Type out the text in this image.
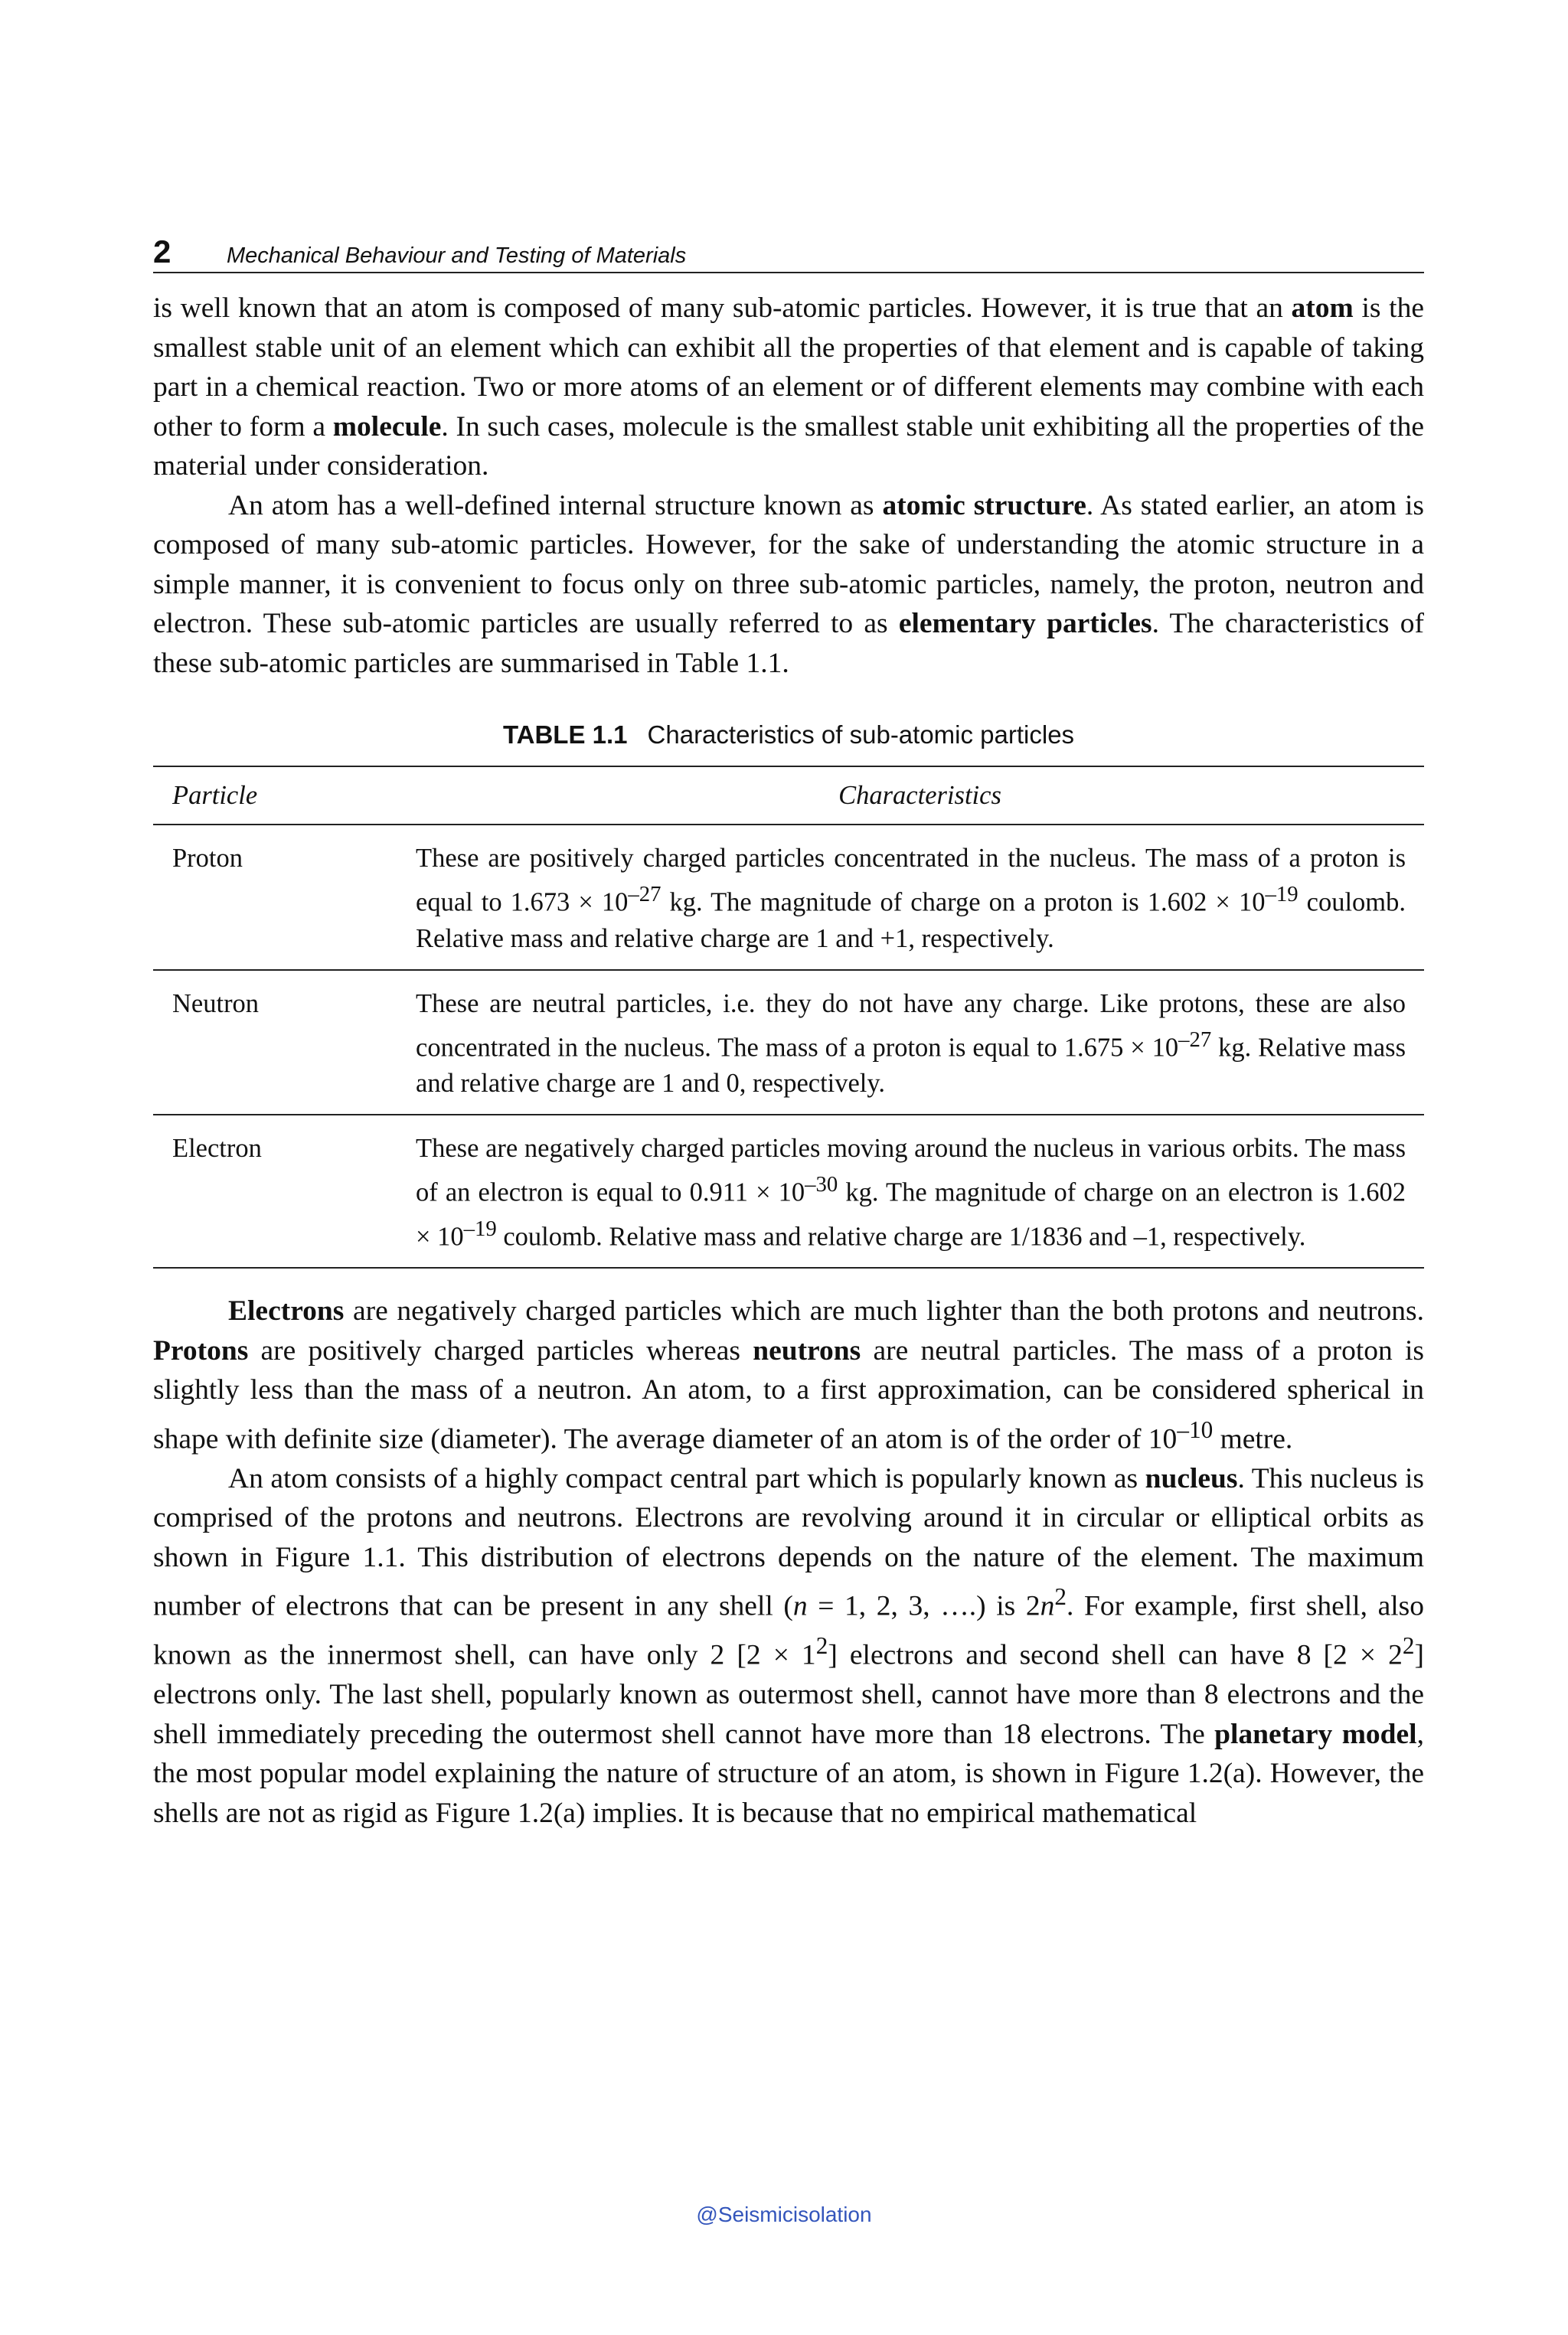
2	Mechanical Behaviour and Testing of Materials

is well known that an atom is composed of many sub-atomic particles. However, it is true that an atom is the smallest stable unit of an element which can exhibit all the properties of that element and is capable of taking part in a chemical reaction. Two or more atoms of an element or of different elements may combine with each other to form a molecule. In such cases, molecule is the smallest stable unit exhibiting all the properties of the material under consideration.

An atom has a well-defined internal structure known as atomic structure. As stated earlier, an atom is composed of many sub-atomic particles. However, for the sake of understanding the atomic structure in a simple manner, it is convenient to focus only on three sub-atomic particles, namely, the proton, neutron and electron. These sub-atomic particles are usually referred to as elementary particles. The characteristics of these sub-atomic particles are summarised in Table 1.1.

TABLE 1.1 Characteristics of sub-atomic particles
Particle	Characteristics
Proton	These are positively charged particles concentrated in the nucleus. The mass of a proton is equal to $1.673 \times 10^{-27}$ kg. The magnitude of charge on a proton is $1.602 \times 10^{-19}$ coulomb. Relative mass and relative charge are 1 and +1, respectively.
Neutron	These are neutral particles, i.e. they do not have any charge. Like protons, these are also concentrated in the nucleus. The mass of a proton is equal to $1.675 \times 10^{-27}$ kg. Relative mass and relative charge are 1 and 0, respectively.
Electron	These are negatively charged particles moving around the nucleus in various orbits. The mass of an electron is equal to $0.911 \times 10^{-30}$ kg. The magnitude of charge on an electron is $1.602 \times 10^{-19}$ coulomb. Relative mass and relative charge are 1/1836 and –1, respectively.

Electrons are negatively charged particles which are much lighter than the both protons and neutrons. Protons are positively charged particles whereas neutrons are neutral particles. The mass of a proton is slightly less than the mass of a neutron. An atom, to a first approximation, can be considered spherical in shape with definite size (diameter). The average diameter of an atom is of the order of $10^{-10}$ metre.

An atom consists of a highly compact central part which is popularly known as nucleus. This nucleus is comprised of the protons and neutrons. Electrons are revolving around it in circular or elliptical orbits as shown in Figure 1.1. This distribution of electrons depends on the nature of the element. The maximum number of electrons that can be present in any shell (n = 1, 2, 3, ….) is $2n^2$. For example, first shell, also known as the innermost shell, can have only 2 $[2 \times 1^2]$ electrons and second shell can have 8 $[2 \times 2^2]$ electrons only. The last shell, popularly known as outermost shell, cannot have more than 8 electrons and the shell immediately preceding the outermost shell cannot have more than 18 electrons. The planetary model, the most popular model explaining the nature of structure of an atom, is shown in Figure 1.2(a). However, the shells are not as rigid as Figure 1.2(a) implies. It is because that no empirical mathematical

@Seismicisolation
